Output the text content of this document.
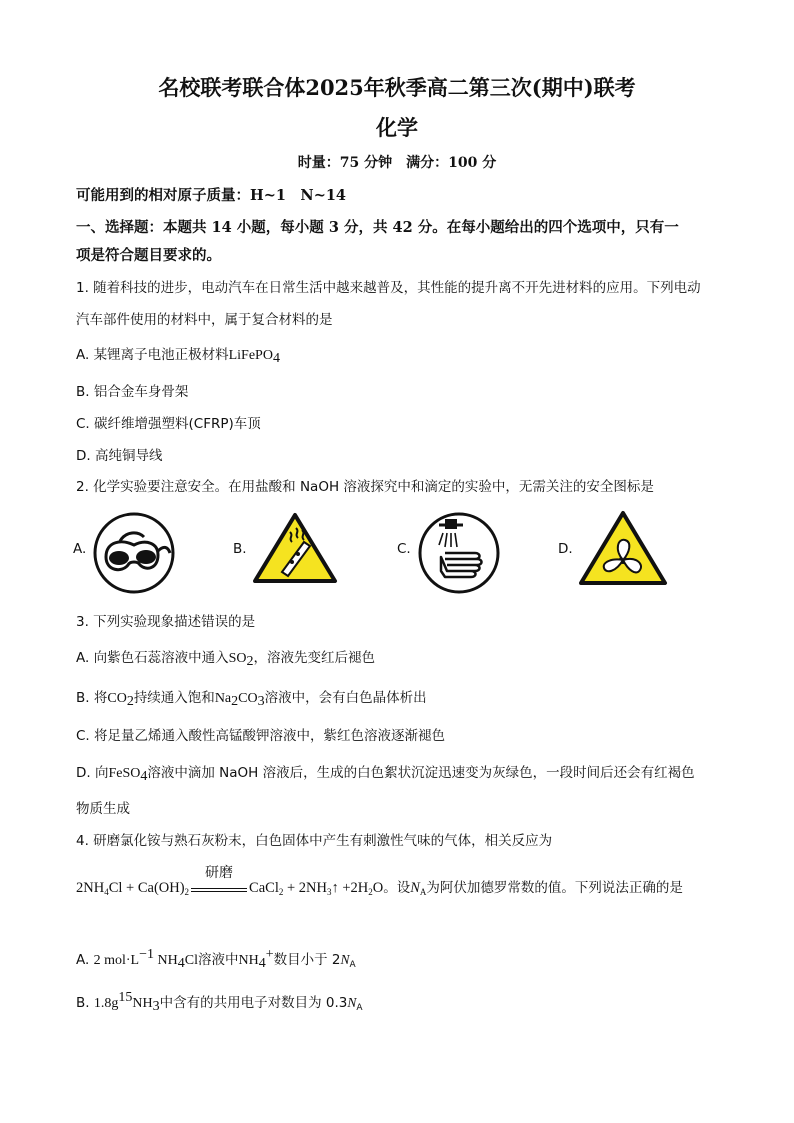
名校联考联合体2025年秋季高二第三次(期中)联考
化学
时量：75 分钟　满分：100 分
可能用到的相对原子质量：H~1　N~14
一、选择题：本题共 14 小题，每小题 3 分，共 42 分。在每小题给出的四个选项中，只有一
项是符合题目要求的。
1. 随着科技的进步，电动汽车在日常生活中越来越普及，其性能的提升离不开先进材料的应用。下列电动
汽车部件使用的材料中，属于复合材料的是
A. 某锂离子电池正极材料LiFePO4
B. 铝合金车身骨架
C. 碳纤维增强塑料(CFRP)车顶
D. 高纯铜导线
2. 化学实验要注意安全。在用盐酸和 NaOH 溶液探究中和滴定的实验中，无需关注的安全图标是
A.	B.	C.	D.
3. 下列实验现象描述错误的是
A. 向紫色石蕊溶液中通入SO2，溶液先变红后褪色
B. 将CO2持续通入饱和Na2CO3溶液中，会有白色晶体析出
C. 将足量乙烯通入酸性高锰酸钾溶液中，紫红色溶液逐渐褪色
D. 向FeSO4溶液中滴加 NaOH 溶液后，生成的白色絮状沉淀迅速变为灰绿色，一段时间后还会有红褐色
物质生成
4. 研磨氯化铵与熟石灰粉末，白色固体中产生有刺激性气味的气体，相关反应为
$2NH_4Cl + Ca(OH)_2$
研磨
CaCl$_2$ + $2NH_3↑ +2H_2O$。设$N_A$为阿伏加德罗常数的值。下列说法正确的是
A. 2 mol·L−1 NH4Cl溶液中NH4+数目小于 $2N_A$
B. 1.8g15NH3中含有的共用电子对数目为 $0.3N_A$
